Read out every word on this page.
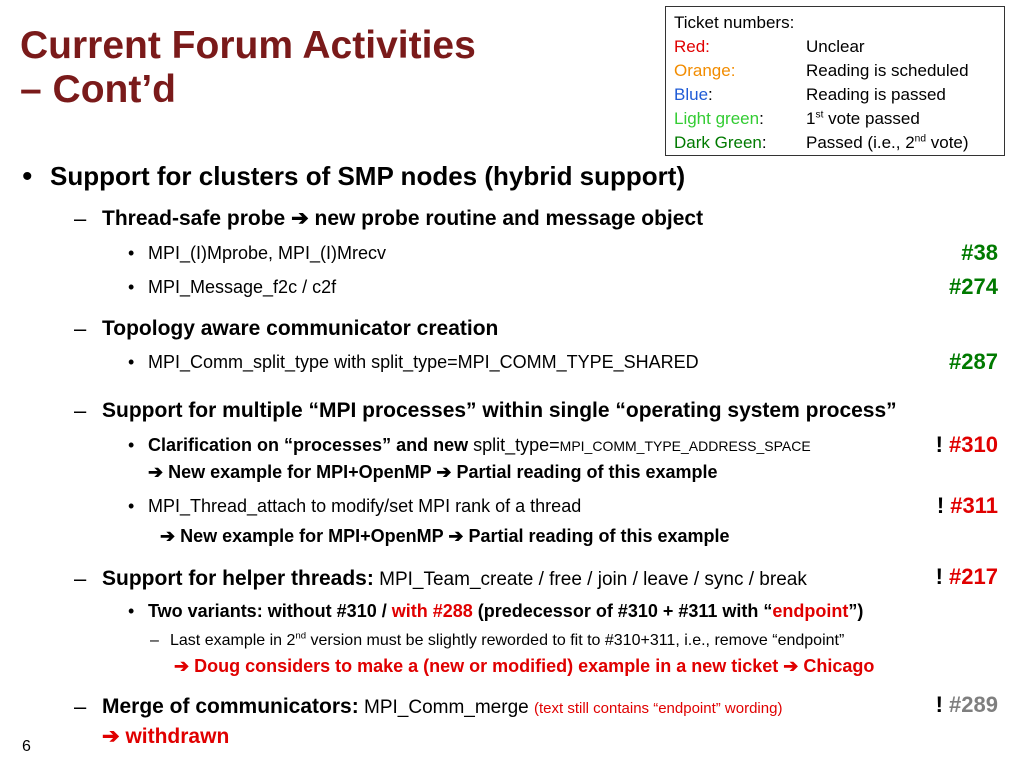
Current Forum Activities
– Cont’d
Ticket numbers:
Red:	Unclear
Orange:	Reading is scheduled
Blue:	Reading is passed
Light green: 1st vote passed
Dark Green: Passed (i.e., 2nd vote)
• Support for clusters of SMP nodes (hybrid support)
– Thread-safe probe ➔ new probe routine and message object
• MPI_(I)Mprobe, MPI_(I)Mrecv	#38
• MPI_Message_f2c / c2f	#274
– Topology aware communicator creation
• MPI_Comm_split_type with split_type=MPI_COMM_TYPE_SHARED	#287
– Support for multiple “MPI processes” within single “operating system process”
• Clarification on “processes” and new split_type=MPI_COMM_TYPE_ADDRESS_SPACE	! #310
➔ New example for MPI+OpenMP ➔ Partial reading of this example
• MPI_Thread_attach to modify/set MPI rank of a thread	! #311
➔ New example for MPI+OpenMP ➔ Partial reading of this example
– Support for helper threads: MPI_Team_create / free / join / leave / sync / break	! #217
• Two variants: without #310 / with #288 (predecessor of #310 + #311 with “endpoint”)
– Last example in 2nd version must be slightly reworded to fit to #310+311, i.e., remove “endpoint”
➔ Doug considers to make a (new or modified) example in a new ticket ➔ Chicago
– Merge of communicators: MPI_Comm_merge (text still contains “endpoint” wording)	! #289
➔ withdrawn
6
